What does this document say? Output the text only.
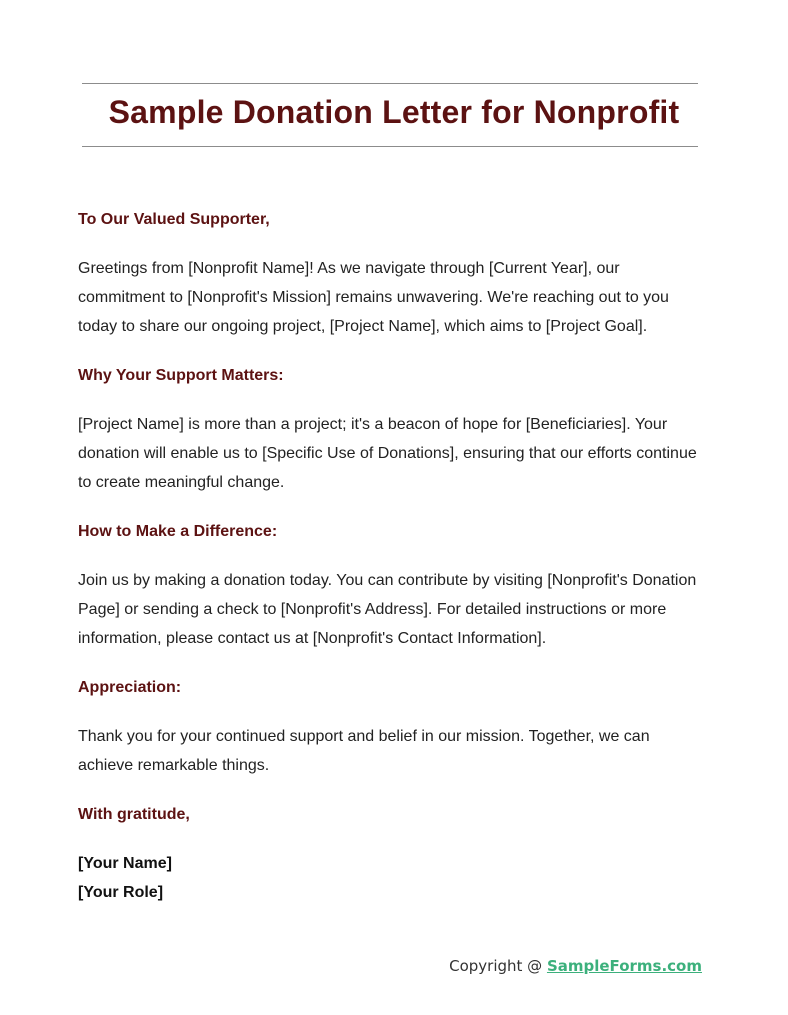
Sample Donation Letter for Nonprofit

To Our Valued Supporter,

Greetings from [Nonprofit Name]! As we navigate through [Current Year], our commitment to [Nonprofit's Mission] remains unwavering. We're reaching out to you today to share our ongoing project, [Project Name], which aims to [Project Goal].

Why Your Support Matters:

[Project Name] is more than a project; it's a beacon of hope for [Beneficiaries]. Your donation will enable us to [Specific Use of Donations], ensuring that our efforts continue to create meaningful change.

How to Make a Difference:

Join us by making a donation today. You can contribute by visiting [Nonprofit's Donation Page] or sending a check to [Nonprofit's Address]. For detailed instructions or more information, please contact us at [Nonprofit's Contact Information].

Appreciation:

Thank you for your continued support and belief in our mission. Together, we can achieve remarkable things.

With gratitude,

[Your Name]

[Your Role]

Copyright @ SampleForms.com
